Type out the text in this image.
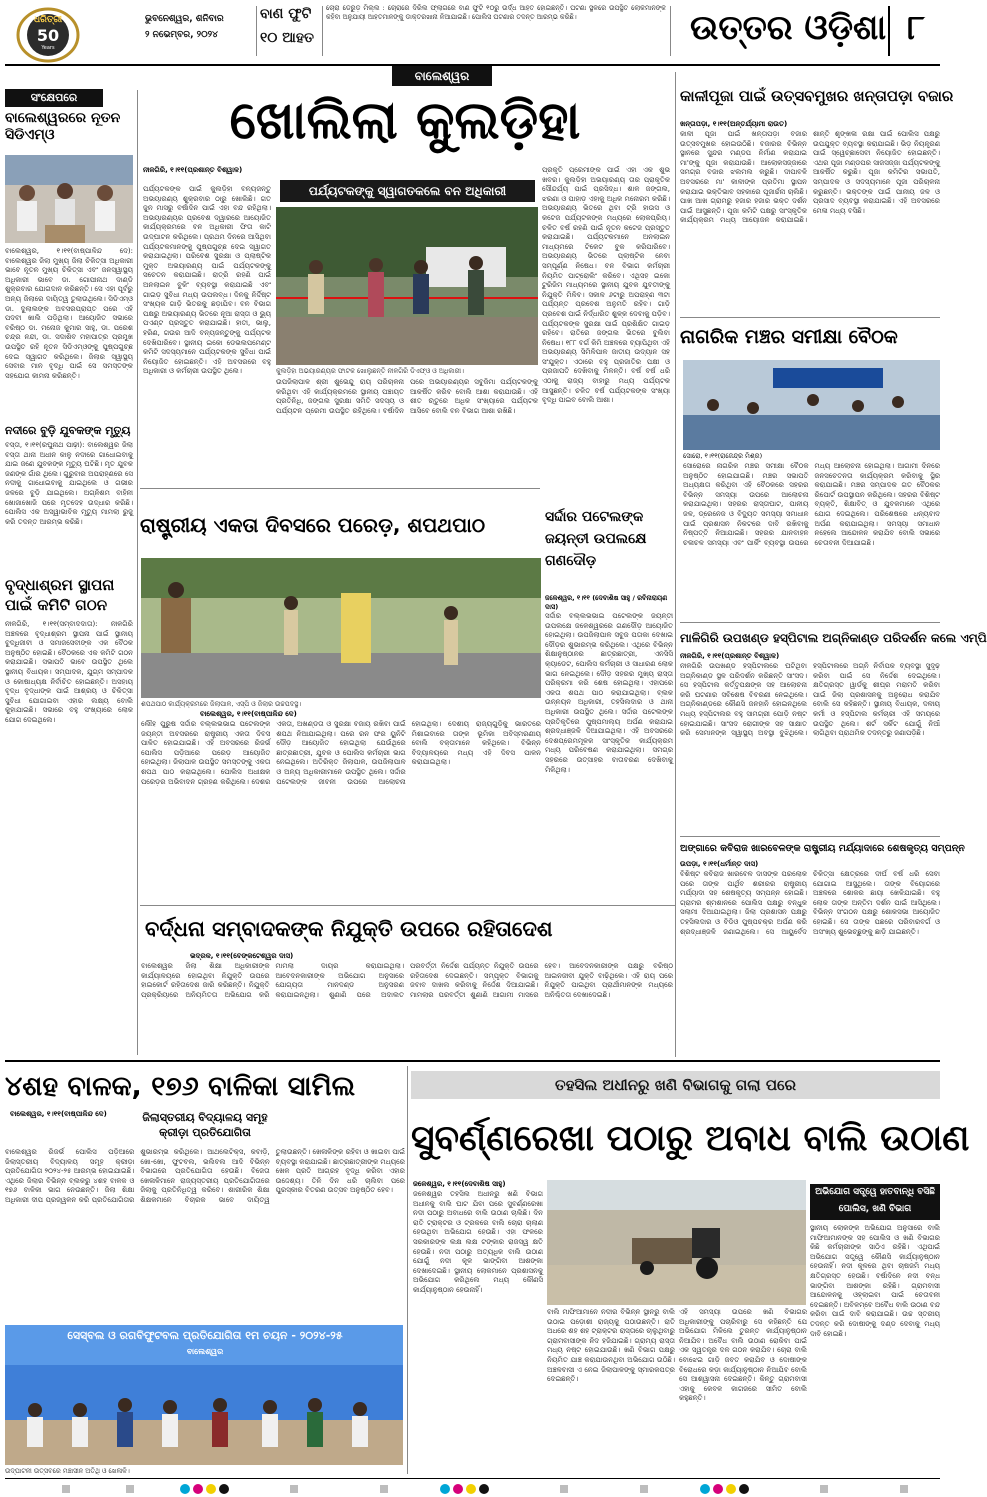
ଧରିତ୍ରୀ
50
Years
ଭୁବନେଶ୍ୱର, ଶନିବାର
୨ ନଭେମ୍ବର, ୨୦୨୪
ବାଣ ଫୁଟି
୧୦ ଆହତ
ଚୋରା ଡେରୁଡ଼ ମିଲ୍ଲ : ଚୋରାରେ ଦିରିଲ ଫ୍ଲାଗରେ ବାଣ ଫୁଟି ୧୦ରୁ ଉର୍ଦ୍ଧ ଆହତ ହୋଇଛନ୍ତି। ଘଟଣା ସ୍ଥଳରେ ଉପସ୍ଥିତ ଲୋକମାନଙ୍କ କହିବା ଅନୁଯାୟୀ ଆହତମାନଙ୍କୁ ଡାକ୍ତରଖାନା ନିଆଯାଇଛି। ପୋଲିସ ଘଟଣାର ତଦନ୍ତ ଆରମ୍ଭ କରିଛି।	ଉତ୍ତର ଓଡ଼ିଶା ୮
ସଂକ୍ଷେପରେ
ବାଲେଶ୍ୱରରେ ନୂତନ ସିଡିଏମ୍‌ଓ
ବାଲେଶ୍ୱର, ୧।୧୧(ବାଷ୍ପାଳିନ୍ଦ ଦେ): ବାଲେଶ୍ୱର ଜିଲା ମୁଖ୍ୟ ଜିଲା ଚିକିତ୍ସା ଅଧିକାରୀ ଭାବେ ନୂତନ ମୁଖ୍ୟ ଚିକିତ୍ସା ଏବଂ ଜନସ୍ୱାସ୍ଥ୍ୟ ଅଧିକାରୀ ଭାବେ ଡା. ଗୋପୀନାଥ ଦାଣ୍ଡି ଶୁକ୍ରବାର ଯୋଗଦାନ କରିଛନ୍ତି। ସେ ଏହା ପୂର୍ବରୁ ଅନ୍ୟ ଜିଲାରେ ଦାୟିତ୍ୱ ତୁଲାଉଥିଲେ। ସିଡିଏମ୍‌ଓ ଡା. ଦୁଲାଲଙ୍କ ଅବସରପ୍ରାପ୍ତ ପରେ ଏହି ପଦବୀ ଖାଲି ପଡ଼ିଥିଲା। ଆୟୋଜିତ ସଭାରେ ବରିଷ୍ଠ ଡା. ମନୋଜ କୁମାର ସାହୁ, ଡା. ପରେଶ ଚନ୍ଦ୍ର ନନ୍ଦୀ, ଡା. ସଦାଶିବ ମହାପାତ୍ର ପ୍ରମୁଖ ଉପସ୍ଥିତ ରହି ନୂତନ ସିଡିଏମ୍‌ଓଙ୍କୁ ପୁଷ୍ପଗୁଚ୍ଛ ଦେଇ ସ୍ୱାଗତ କରିଥିଲେ। ଜିଲାର ସ୍ୱାସ୍ଥ୍ୟ ସେବାର ମାନ ବୃଦ୍ଧି ପାଇଁ ସେ ସମସ୍ତଙ୍କ ସହଯୋଗ କାମନା କରିଛନ୍ତି।
ନଦୀରେ ବୁଡ଼ି ଯୁବକଙ୍କ ମୃତ୍ୟୁ
ବସ୍ତା, ୧।୧୧(ରଘୁନାଥ ପାଢ଼ୀ): ବାଲେଶ୍ୱର ଜିଲା ବସ୍ତା ଥାନା ଅଧୀନ କାଳୁ ନଦୀରେ ଗାଧୋଇବାକୁ ଯାଇ ଜଣେ ଯୁବକଙ୍କ ମୃତ୍ୟୁ ଘଟିଛି। ମୃତ ଯୁବକ ଜଣଙ୍କ ଗାଁର ଥିଲେ। ଗୁରୁବାର ଅପରାହ୍ଣରେ ସେ ନଦୀକୁ ଗାଧୋଇବାକୁ ଯାଇଥିଲେ ଓ ଗଭୀର ଜଳରେ ବୁଡ଼ି ଯାଇଥିଲେ। ଅଗ୍ନିଶମ ବାହିନୀ ଖୋଜାଖୋଜି ପରେ ମୃତଦେହ ଉଦ୍ଧାର କରିଛି। ପୋଲିସ ଏକ ଅସ୍ୱାଭାବିକ ମୃତ୍ୟୁ ମାମଲା ରୁଜୁ କରି ତଦନ୍ତ ଆରମ୍ଭ କରିଛି।
ବୃଦ୍ଧାଶ୍ରମ ସ୍ଥାପନା ପାଇଁ କମିଟି ଗଠନ
ନୀଳଗିରି, ୧।୧୧(ସମ୍ବାଦଦାତା): ନୀଳଗିରି ଅଞ୍ଚଳରେ ବୃଦ୍ଧାଶ୍ରମ ସ୍ଥାପନା ପାଇଁ ସ୍ଥାନୀୟ ବୁଦ୍ଧିଜୀବୀ ଓ ସମାଜସେବୀଙ୍କ ଏକ ବୈଠକ ଅନୁଷ୍ଠିତ ହୋଇଛି। ବୈଠକରେ ଏକ କମିଟି ଗଠନ କରାଯାଇଛି। ସଭାପତି ଭାବେ ଉପସ୍ଥିତ ଥିଲେ ସ୍ଥାନୀୟ ବିଧାୟକ। ସମ୍ପାଦକ, ଯୁଗ୍ମ ସମ୍ପାଦକ ଓ କୋଷାଧ୍ୟକ୍ଷ ନିର୍ବାଚିତ ହୋଇଛନ୍ତି। ଅସହାୟ ବୃଦ୍ଧ ବୃଦ୍ଧାଙ୍କ ପାଇଁ ଆଶ୍ରୟ ଓ ଚିକିତ୍ସା ସୁବିଧା ଯୋଗାଇବା ଏହାର ଲକ୍ଷ୍ୟ ବୋଲି କୁହାଯାଇଛି। ସଭାରେ ବହୁ ସଂଖ୍ୟାରେ ଲୋକ ଯୋଗ ଦେଇଥିଲେ।
ବାଲେଶ୍ୱର
ଖୋଲିଲା କୁଲଡ଼ିହା
ନୀଳଗିରି, ୧।୧୧(ପ୍ରଶାନ୍ତ ବିଶ୍ୱାଳ)
ପର୍ଯ୍ୟଟକଙ୍କୁ ସ୍ୱାଗତକଲେ ବନ ଅଧିକାରୀ
ପର୍ଯ୍ୟଟକଙ୍କ ପାଇଁ କୁଲଡ଼ିହା ବନ୍ୟଜନ୍ତୁ ଅଭୟାରଣ୍ୟ ଶୁକ୍ରବାର ଠାରୁ ଖୋଲିଛି। ଗତ ଜୁନ ମାସରୁ ବର୍ଷାଦିନ ପାଇଁ ଏହା ବନ୍ଦ ରହିଥିଲା। ଅଭୟାରଣ୍ୟର ପ୍ରବେଶ ଦ୍ୱାରରେ ଆୟୋଜିତ କାର୍ଯ୍ୟକ୍ରମରେ ବନ ଅଧିକାରୀ ଫିତା କାଟି ଉଦ୍‌ଘାଟନ କରିଥିଲେ। ପ୍ରଥମ ଦିନରେ ଆସିଥିବା ପର୍ଯ୍ୟଟକମାନଙ୍କୁ ପୁଷ୍ପଗୁଚ୍ଛ ଦେଇ ସ୍ୱାଗତ କରାଯାଇଥିଲା। ପରିବେଶ ସୁରକ୍ଷା ଓ ପ୍ଲାଷ୍ଟିକ ମୁକ୍ତ ଅଭୟାରଣ୍ୟ ପାଇଁ ପର୍ଯ୍ୟଟକଙ୍କୁ ସଚେତନ କରାଯାଇଛି। ରାତ୍ରି ରହଣି ପାଇଁ ଅନଲାଇନ ବୁକିଂ ବ୍ୟବସ୍ଥା କରାଯାଇଛି ଏବଂ ଗାଇଡ଼ ସୁବିଧା ମଧ୍ୟ ଉପଲବ୍ଧ। ଦିନକୁ ନିର୍ଦ୍ଦିଷ୍ଟ ସଂଖ୍ୟକ ଗାଡ଼ି ଭିତରକୁ ଛଡ଼ାଯିବ। ବନ ବିଭାଗ ପକ୍ଷରୁ ଅଭୟାରଣ୍ୟ ଭିତରେ ନୂଆ ରାସ୍ତା ଓ ଭ୍ୟୁ ପଏଣ୍ଟ ପ୍ରସ୍ତୁତ କରାଯାଇଛି। ହାତୀ, ଭାଲୁ, ହରିଣ, ଗଉର ଆଦି ବନ୍ୟଜନ୍ତୁଙ୍କୁ ପର୍ଯ୍ୟଟକ ଦେଖିପାରିବେ। ସ୍ଥାନୀୟ ଇକୋ ଡେଭଲପମେଣ୍ଟ କମିଟି ସଦସ୍ୟମାନେ ପର୍ଯ୍ୟଟକଙ୍କ ସୁବିଧା ପାଇଁ ନିୟୋଜିତ ହୋଇଛନ୍ତି। ଏହି ଅବସରରେ ବହୁ ଅଧିକାରୀ ଓ କର୍ମଚାରୀ ଉପସ୍ଥିତ ଥିଲେ।	କୁଲଡ଼ିହା ଅଭୟାରଣ୍ୟର ଫାଟକ ଖୋଲୁଛନ୍ତି ନୀଳଗିରି ଡିଏଫ୍‌ଓ ଓ ଅଧିକାରୀ।
ଉପଜିଲାପାଳ ଶ୍ରୀ ଶୁଭେନ୍ଦୁ ରାୟ ପରିଚାଳନା କରିଥିବା ଏହି କାର୍ଯ୍ୟକ୍ରମରେ ସ୍ଥାନୀୟ ପଞ୍ଚାୟତ ପ୍ରତିନିଧି, ଜଙ୍ଗଲ ସୁରକ୍ଷା ସମିତି ସଦସ୍ୟ ଓ ପର୍ଯ୍ୟଟନ ପ୍ରେମୀ ଉପସ୍ଥିତ ରହିଥିଲେ। ବର୍ଷାଦିନ ପରେ ଅଭୟାରଣ୍ୟର ସବୁଜିମା ପର୍ଯ୍ୟଟକଙ୍କୁ ଆକର୍ଷିତ କରିବ ବୋଲି ଆଶା କରାଯାଉଛି। ଏହି ଶୀତ ଋତୁରେ ଅଧିକ ସଂଖ୍ୟାରେ ପର୍ଯ୍ୟଟକ ଆସିବେ ବୋଲି ବନ ବିଭାଗ ଆଶା ରଖିଛି।
ପ୍ରକୃତି ପ୍ରେମୀଙ୍କ ପାଇଁ ଏହା ଏକ ଶୁଭ ଖବର। କୁଲଡ଼ିହା ଅଭୟାରଣ୍ୟ ତାର ପ୍ରାକୃତିକ ସୌନ୍ଦର୍ଯ୍ୟ ପାଇଁ ପ୍ରସିଦ୍ଧ। ଶାଳ ଜଙ୍ଗଲ, ଝରଣା ଓ ପାହାଡ଼ ଏହାକୁ ଅଧିକ ମନୋରମ କରିଛି। ଅଭୟାରଣ୍ୟ ଭିତରେ ଥିବା ଟ୍ରି ହାଉସ ଓ କଟେଜ ପର୍ଯ୍ୟଟକଙ୍କ ମଧ୍ୟରେ ଲୋକପ୍ରିୟ। ଚଳିତ ବର୍ଷ ରହଣି ପାଇଁ ନୂତନ କଟେଜ ପ୍ରସ୍ତୁତ କରାଯାଇଛି। ପର୍ଯ୍ୟଟକମାନେ ଅନଲାଇନ ମାଧ୍ୟମରେ ଟିକେଟ ବୁକ କରିପାରିବେ। ଅଭୟାରଣ୍ୟ ଭିତରେ ପ୍ଲାଷ୍ଟିକ ନେବା ସମ୍ପୂର୍ଣ୍ଣ ନିଷେଧ। ବନ ବିଭାଗ କର୍ମଚାରୀ ନିୟମିତ ପାଟ୍ରୋଲିଂ କରିବେ। ଏଥିସହ ଇକୋ ଟୁରିଜିମ ମାଧ୍ୟମରେ ସ୍ଥାନୀୟ ଯୁବକ ଯୁବତୀଙ୍କୁ ନିଯୁକ୍ତି ମିଳିବ। ସକାଳ ୬ଟାରୁ ଅପରାହ୍ଣ ୩ଟା ପର୍ଯ୍ୟନ୍ତ ପ୍ରବେଶ ଅନୁମତି ରହିବ। ଗାଡ଼ି ପ୍ରବେଶ ପାଇଁ ନିର୍ଦ୍ଧାରିତ ଶୁଳ୍କ ଦେବାକୁ ପଡ଼ିବ। ପର୍ଯ୍ୟଟକଙ୍କ ସୁରକ୍ଷା ପାଇଁ ପ୍ରଶିକ୍ଷିତ ଗାଇଡ଼ ରହିବେ। ରାତିରେ ଜଙ୍ଗଲ ଭିତରେ ବୁଲିବା ନିଷେଧ। ୧୮୮ ବର୍ଗ କିମି ଅଞ୍ଚଳରେ ବ୍ୟାପିଥିବା ଏହି ଅଭୟାରଣ୍ୟ ସିମିଳିପାଳ ଜାତୀୟ ଉଦ୍ୟାନ ସହ ସଂଯୁକ୍ତ। ଏଠାରେ ବହୁ ପ୍ରଜାତିର ପକ୍ଷୀ ଓ ପ୍ରଜାପତି ଦେଖିବାକୁ ମିଳନ୍ତି। ବର୍ଷ ବର୍ଷ ଧରି ଏଠାକୁ ରାଜ୍ୟ ବାହାରୁ ମଧ୍ୟ ପର୍ଯ୍ୟଟକ ଆସୁଛନ୍ତି। ଚଳିତ ବର୍ଷ ପର୍ଯ୍ୟଟକଙ୍କ ସଂଖ୍ୟା ବୃଦ୍ଧି ପାଇବ ବୋଲି ଆଶା।
କାଳୀପୂଜା ପାଇଁ ଉତ୍ସବମୁଖର ଖନ୍ତାପଡ଼ା ବଜାର
ଖନ୍ତାପଡ଼ା, ୧।୧୧(ଅନ୍ତର୍ଯ୍ୟାମୀ ରାଉତ)
କାଳୀ ପୂଜା ପାଇଁ ଖନ୍ତାପଡ଼ା ବଜାର ଉତ୍ସବମୁଖର ହୋଇଉଠିଛି। ବଜାରର ବିଭିନ୍ନ ସ୍ଥାନରେ ସୁନ୍ଦର ମଣ୍ଡପ ନିର୍ମାଣ କରାଯାଇ ମା'ଙ୍କୁ ପୂଜା କରାଯାଉଛି। ଆଲୋକସଜ୍ଜାରେ ସମଗ୍ର ବଜାର ଝଲମଲ କରୁଛି। ଦୀପାବଳି ଅବସରରେ ମା' କାଳୀଙ୍କ ପ୍ରତିମା ସ୍ଥାପନ କରାଯାଇ ଭକ୍ତିଭାବ ସହକାରେ ପୂଜାର୍ଚ୍ଚନା ଚାଲିଛି। ପାଖ ଆଖ ଗ୍ରାମରୁ ହଜାର ହଜାର ଭକ୍ତ ଦର୍ଶନ ପାଇଁ ଆସୁଛନ୍ତି। ପୂଜା କମିଟି ପକ୍ଷରୁ ସାଂସ୍କୃତିକ କାର୍ଯ୍ୟକ୍ରମ ମଧ୍ୟ ଆୟୋଜନ କରାଯାଇଛି। ଶାନ୍ତି ଶୃଙ୍ଖଳା ରକ୍ଷା ପାଇଁ ପୋଲିସ ପକ୍ଷରୁ ଉପଯୁକ୍ତ ବ୍ୟବସ୍ଥା କରାଯାଇଛି। ଭିଡ଼ ନିୟନ୍ତ୍ରଣ ପାଇଁ ସ୍ୱେଚ୍ଛାସେବୀ ନିୟୋଜିତ ହୋଇଛନ୍ତି। ଏଥର ପୂଜା ମଣ୍ଡପର ସାଜସଜ୍ଜା ପର୍ଯ୍ୟଟକଙ୍କୁ ଆକର୍ଷିତ କରୁଛି। ପୂଜା କମିଟିର ସଭାପତି, ସମ୍ପାଦକ ଓ ସଦସ୍ୟମାନେ ପୂଜା ପରିଚାଳନା କରୁଛନ୍ତି। ଭକ୍ତଙ୍କ ପାଇଁ ପାନୀୟ ଜଳ ଓ ପ୍ରସାଦ ବ୍ୟବସ୍ଥା କରାଯାଇଛି। ଏହି ଅବସରରେ ମେଳା ମଧ୍ୟ ବସିଛି।
ନାଗରିକ ମଞ୍ଚର ସମୀକ୍ଷା ବୈଠକ
ସୋରୋ, ୧।୧୧(ରାଜେନ୍ଦ୍ର ମିଶ୍ର)
ସୋରୋରେ ନାଗରିକ ମଞ୍ଚର ସମୀକ୍ଷା ବୈଠକ ଅନୁଷ୍ଠିତ ହୋଇଯାଇଛି। ମଞ୍ଚର ସଭାପତି ଅଧ୍ୟକ୍ଷତା କରିଥିବା ଏହି ବୈଠକରେ ସହରର ବିଭିନ୍ନ ସମସ୍ୟା ଉପରେ ଆଲୋଚନା କରାଯାଇଥିଲା। ସହରର ରାସ୍ତାଘାଟ, ପାନୀୟ ଜଳ, ଡ୍ରେନେଜ ଓ ବିଦ୍ୟୁତ ସମସ୍ୟା ସମାଧାନ ପାଇଁ ପ୍ରଶାସନ ନିକଟରେ ଦାବି ରଖିବାକୁ ନିଷ୍ପତ୍ତି ନିଆଯାଇଛି। ସହରର ଯାନବାହନ ଚଳାଚଳ ସମସ୍ୟା ଏବଂ ପାର୍କିଂ ବ୍ୟବସ୍ଥା ଉପରେ ମଧ୍ୟ ଆଲୋଚନା ହୋଇଥିଲା। ଆଗାମୀ ଦିନରେ ଜନସଚେତନତା କାର୍ଯ୍ୟକ୍ରମ କରିବାକୁ ସ୍ଥିର କରାଯାଇଛି। ମଞ୍ଚର ସମ୍ପାଦକ ଗତ ବୈଠକର ରିପୋର୍ଟ ଉପସ୍ଥାପନ କରିଥିଲେ। ସହରର ବିଶିଷ୍ଟ ବ୍ୟକ୍ତି, ଶିକ୍ଷାବିତ୍ ଓ ଯୁବକମାନେ ଏଥିରେ ଯୋଗ ଦେଇଥିଲେ। ପରିଶେଷରେ ଧନ୍ୟବାଦ ଅର୍ପଣ କରାଯାଇଥିଲା। ସମସ୍ୟା ସମାଧାନ ନହେଲେ ଆନ୍ଦୋଳନ କରାଯିବ ବୋଲି ସଭାରେ ଚେତାବନୀ ଦିଆଯାଇଛି।
ମାଳିଗିରି ଉପଖଣ୍ଡ ହସ୍ପିଟାଲ ଅଗ୍ନିକାଣ୍ଡ ପରିଦର୍ଶନ କଲେ ଏମ୍‌ପି
ନୀଳଗିରି, ୧।୧୧(ପ୍ରଶାନ୍ତ ବିଶ୍ୱାଳ)
ନୀଳଗିରି ଉପଖଣ୍ଡ ହସ୍ପିଟାଲରେ ଘଟିଥିବା ଅଗ୍ନିକାଣ୍ଡ ସ୍ଥଳ ପରିଦର୍ଶନ କରିଛନ୍ତି ସାଂସଦ। ସେ ହସ୍ପିଟାଲ କର୍ତ୍ତୃପକ୍ଷଙ୍କ ସହ ଆଲୋଚନା କରି ଘଟଣାର ସବିଶେଷ ବିବରଣୀ ନେଇଥିଲେ। ଅଗ୍ନିକାଣ୍ଡରେ କୌଣସି ଜନହାନି ହୋଇନଥିଲେ ମଧ୍ୟ ହସ୍ପିଟାଲର ବହୁ ସାମଗ୍ରୀ ପୋଡ଼ି ନଷ୍ଟ ହୋଇଯାଇଛି। ସାଂସଦ ରୋଗୀଙ୍କ ସହ ସାକ୍ଷାତ କରି ସେମାନଙ୍କ ସ୍ୱାସ୍ଥ୍ୟ ଅବସ୍ଥା ବୁଝିଥିଲେ। ହସ୍ପିଟାଲରେ ଅଗ୍ନି ନିର୍ବାପକ ବ୍ୟବସ୍ଥା ସୁଦୃଢ଼ କରିବା ପାଇଁ ସେ ନିର୍ଦ୍ଦେଶ ଦେଇଥିଲେ। କ୍ଷତିଗ୍ରସ୍ତ ୱାର୍ଡକୁ ଶୀଘ୍ର ମରାମତି କରିବା ପାଇଁ ଜିଲା ପ୍ରଶାସନକୁ ଅନୁରୋଧ କରାଯିବ ବୋଲି ସେ କହିଛନ୍ତି। ସ୍ଥାନୀୟ ବିଧାୟକ, ଦଳୀୟ କର୍ମୀ ଓ ହସ୍ପିଟାଲ କର୍ମଚାରୀ ଏହି ସମୟରେ ଉପସ୍ଥିତ ଥିଲେ। ଶର୍ଟ ସର୍କିଟ ଯୋଗୁଁ ନିଆଁ ଲାଗିଥିବା ପ୍ରାଥମିକ ତଦନ୍ତରୁ ଜଣାପଡ଼ିଛି।
ଅଙ୍ଗାରେ କବିରାଜ ଖାରବେଳଙ୍କ ରାଷ୍ଟ୍ରୀୟ ମର୍ଯ୍ୟାଦାରେ ଶେଷକୃତ୍ୟ ସମ୍ପନ୍ନ
ଉପଡ଼ା, ୧।୧୧(ଧର୍ମାନ୍ତ ଦାସ)
ବିଶିଷ୍ଟ କବିରାଜ ଖାରବେଳ ଦାସଙ୍କ ପରଲୋକ ପରେ ତାଙ୍କ ପାର୍ଥିବ ଶରୀରର ରାଷ୍ଟ୍ରୀୟ ମର୍ଯ୍ୟାଦା ସହ ଶେଷକୃତ୍ୟ ସମ୍ପନ୍ନ ହୋଇଛି। ଗ୍ରାମର ଶ୍ମଶାନରେ ପୋଲିସ ପକ୍ଷରୁ ବନ୍ଧୁକ ସଲାମୀ ଦିଆଯାଇଥିଲା। ଜିଲା ପ୍ରଶାସନ ପକ୍ଷରୁ ତହସିଲଦାର ଓ ବିଡିଓ ପୁଷ୍ପଚକ୍ର ଅର୍ପଣ କରି ଶ୍ରଦ୍ଧାଞ୍ଜଳି ଜଣାଇଥିଲେ। ସେ ଆୟୁର୍ବେଦ ଚିକିତ୍ସା କ୍ଷେତ୍ରରେ ଦୀର୍ଘ ବର୍ଷ ଧରି ସେବା ଯୋଗାଇ ଆସୁଥିଲେ। ତାଙ୍କ ବିୟୋଗରେ ଅଞ୍ଚଳରେ ଶୋକର ଛାୟା ଖେଳିଯାଇଛି। ବହୁ ଲୋକ ତାଙ୍କ ଅନ୍ତିମ ଦର୍ଶନ ପାଇଁ ଆସିଥିଲେ। ବିଭିନ୍ନ ସଂଗଠନ ପକ୍ଷରୁ ଶୋକସଭା ଆୟୋଜିତ ହୋଇଛି। ସେ ତାଙ୍କ ପଛରେ ପରିବାରବର୍ଗ ଓ ଅସଂଖ୍ୟ ଶୁଭେଚ୍ଛୁଙ୍କୁ ଛାଡ଼ି ଯାଇଛନ୍ତି।
ରାଷ୍ଟ୍ରୀୟ ଏକତା ଦିବସରେ ପରେଡ଼, ଶପଥପାଠ
ଶପଥପାଠ କାର୍ଯ୍ୟକ୍ରମରେ ଜିଲାପାଳ, ଏସ୍‌ପି ଓ ଜିଲାର ଉଚ୍ଚପଦସ୍ଥ।
ବାଲେଶ୍ୱର, ୧।୧୧(ବାଷ୍ପାଳିନ୍ଦ ଦେ)
ଲୌହ ପୁରୁଷ ସର୍ଦ୍ଦାର ବଲ୍ଲଭଭାଇ ପଟେଲଙ୍କ ଜୟନ୍ତୀ ଅବସରରେ ରାଷ୍ଟ୍ରୀୟ ଏକତା ଦିବସ ପାଳିତ ହୋଇଯାଇଛି। ଏହି ଅବସରରେ ରିଜର୍ଭ ପୋଲିସ ପଡ଼ିଆରେ ପରେଡ଼ ଆୟୋଜିତ ହୋଇଥିଲା। ଜିଲାପାଳ ଉପସ୍ଥିତ ସମସ୍ତଙ୍କୁ ଏକତା ଶପଥ ପାଠ କରାଇଥିଲେ। ପୋଲିସ ଅଧୀକ୍ଷକ ପରେଡ଼ର ଅଭିବାଦନ ଗ୍ରହଣ କରିଥିଲେ। ଦେଶର ଏକତା, ଅଖଣ୍ଡତା ଓ ସୁରକ୍ଷା ବଜାୟ ରଖିବା ପାଇଁ ଶପଥ ନିଆଯାଇଥିଲା। ପରେ ରନ ଫର ୟୁନିଟି ଦୌଡ଼ ଆୟୋଜିତ ହୋଇଥିଲା ଯେଉଁଥିରେ ଛାତ୍ରଛାତ୍ରୀ, ଯୁବକ ଓ ପୋଲିସ କର୍ମଚାରୀ ଭାଗ ନେଇଥିଲେ। ଅତିରିକ୍ତ ଜିଲାପାଳ, ଉପଜିଲାପାଳ ଓ ଅନ୍ୟ ଅଧିକାରୀମାନେ ଉପସ୍ଥିତ ଥିଲେ। ସର୍ଦ୍ଦାର ପଟେଲଙ୍କ ଜୀବନୀ ଉପରେ ଆଲୋଚନା ହୋଇଥିଲା। ଦେଶୀୟ ରାଜ୍ୟଗୁଡ଼ିକୁ ଭାରତରେ ମିଶାଇବାରେ ତାଙ୍କ ଭୂମିକା ଅବିସ୍ମରଣୀୟ ବୋଲି ବକ୍ତାମାନେ କହିଥିଲେ। ବିଭିନ୍ନ ବିଦ୍ୟାଳୟରେ ମଧ୍ୟ ଏହି ଦିବସ ପାଳନ କରାଯାଇଥିଲା।
ସର୍ଦ୍ଦାର ପଟେଲଙ୍କ ଜୟନ୍ତୀ ଉପଲକ୍ଷେ ଗଣଦୌଡ଼
ଜଳେଶ୍ୱର, ୧।୧୧ (ଦେବାଶିଷ ସାହୁ / ରବିନାରାୟଣ ଦାସ)
ସର୍ଦ୍ଦାର ବଲ୍ଲଭଭାଇ ପଟେଲଙ୍କ ଜୟନ୍ତୀ ଉପଲକ୍ଷେ ଜଳେଶ୍ୱରରେ ଗଣଦୌଡ଼ ଆୟୋଜିତ ହୋଇଥିଲା। ଉପଜିଲାପାଳ ସବୁଜ ପତାକା ଦେଖାଇ ଦୌଡ଼ର ଶୁଭାରମ୍ଭ କରିଥିଲେ। ଏଥିରେ ବିଭିନ୍ନ ଶିକ୍ଷାନୁଷ୍ଠାନର ଛାତ୍ରଛାତ୍ରୀ, ଏନସିସି କ୍ୟାଡେଟ, ପୋଲିସ କର୍ମଚାରୀ ଓ ସାଧାରଣ ଲୋକ ଭାଗ ନେଇଥିଲେ। ଦୌଡ଼ ସହରର ମୁଖ୍ୟ ରାସ୍ତା ପରିକ୍ରମା କରି ଶେଷ ହୋଇଥିଲା। ଏହାପରେ ଏକତା ଶପଥ ପାଠ କରାଯାଇଥିଲା। ବ୍ଲକ ଉନ୍ନୟନ ଅଧିକାରୀ, ତହସିଲଦାର ଓ ଥାନା ଅଧିକାରୀ ଉପସ୍ଥିତ ଥିଲେ। ସର୍ଦ୍ଦାର ପଟେଲଙ୍କ ପ୍ରତିକୃତିରେ ପୁଷ୍ପମାଲ୍ୟ ଅର୍ପଣ କରାଯାଇ ଶ୍ରଦ୍ଧାଞ୍ଜଳି ଦିଆଯାଇଥିଲା। ଏହି ଅବସରରେ ଦେଶପ୍ରେମମୂଳକ ସାଂସ୍କୃତିକ କାର୍ଯ୍ୟକ୍ରମ ମଧ୍ୟ ପରିବେଷଣ କରାଯାଇଥିଲା। ସମଗ୍ର ସହରରେ ଉତ୍ସାହର ବାତାବରଣ ଦେଖିବାକୁ ମିଳିଥିଲା।
ବର୍ଦ୍ଧନା ସମ୍ବାଦକଙ୍କ ନିଯୁକ୍ତି ଉପରେ ରହିତାଦେଶ
ଭଦ୍ରକ, ୧।୧୧(ବେଙ୍କଟେଶ୍ୱର ଦାସ)
ବାଲେଶ୍ୱର ଜିଲା ଶିକ୍ଷା ଅଧିକାରୀଙ୍କ କାର୍ଯ୍ୟାଳୟରେ ହୋଇଥିବା ନିଯୁକ୍ତି ଉପରେ ହାଇକୋର୍ଟ ରହିତାଦେଶ ଜାରି କରିଛନ୍ତି। ନିଯୁକ୍ତି ପ୍ରକ୍ରିୟାରେ ଅନିୟମିତତା ଅଭିଯୋଗ କରି ମାମଲା ଦାୟର କରାଯାଇଥିଲା। ଆବେଦନକାରୀଙ୍କ ଅଭିଯୋଗ ଅନୁସାରେ ଯୋଗ୍ୟତା ମାନଦଣ୍ଡ ଅନୁସରଣ କରାଯାଇନଥିଲା। ଶୁଣାଣି ପରେ ଅଦାଲତ ପରବର୍ତ୍ତୀ ନିର୍ଦ୍ଦେଶ ପର୍ଯ୍ୟନ୍ତ ନିଯୁକ୍ତି ଉପରେ ରହିତାଦେଶ ଦେଇଛନ୍ତି। ସମ୍ପୃକ୍ତ ବିଭାଗକୁ ଜବାବ ଦାଖଲ କରିବାକୁ ନିର୍ଦ୍ଦେଶ ଦିଆଯାଇଛି। ମାମଲାର ପରବର୍ତ୍ତୀ ଶୁଣାଣି ଆଗାମୀ ମାସରେ ହେବ। ଆବେଦନକାରୀଙ୍କ ପକ୍ଷରୁ ବରିଷ୍ଠ ଆଇନଜୀବୀ ଯୁକ୍ତି ବାଢ଼ିଥିଲେ। ଏହି ରାୟ ପରେ ନିଯୁକ୍ତି ପାଇଥିବା ପ୍ରାର୍ଥୀମାନଙ୍କ ମଧ୍ୟରେ ଅନିଶ୍ଚିତତା ଦେଖାଦେଇଛି।
୪ଶହ ବାଳକ, ୧୭୬ ବାଳିକା ସାମିଲ
ବାଲେଶ୍ୱର, ୧।୧୧(ବାଷ୍ପାଳିନ୍ଦ ଦେ)	ଜିଲାସ୍ତରୀୟ ବିଦ୍ୟାଳୟ ସମୂହ କ୍ରୀଡ଼ା ପ୍ରତିଯୋଗିତା
ବାଲେଶ୍ୱର ରିଜର୍ଭ ପୋଲିସ ପଡ଼ିଆରେ ଜିଲାସ୍ତରୀୟ ବିଦ୍ୟାଳୟ ସମୂହ କ୍ରୀଡ଼ା ପ୍ରତିଯୋଗିତା ୨୦୨୪-୨୫ ଆରମ୍ଭ ହୋଇଯାଇଛି। ଏଥିରେ ଜିଲାର ବିଭିନ୍ନ ବ୍ଲକରୁ ୪ଶହ ବାଳକ ଓ ୧୭୬ ବାଳିକା ଭାଗ ନେଉଛନ୍ତି। ଜିଲା ଶିକ୍ଷା ଅଧିକାରୀ ଦୀପ ପ୍ରଜ୍ୱଳନ କରି ପ୍ରତିଯୋଗିତାର ଶୁଭାରମ୍ଭ କରିଥିଲେ। ଆଥଲେଟିକ୍ସ, କବାଡ଼ି, ଖୋ-ଖୋ, ଫୁଟବଲ, ଭଲିବଲ ଆଦି ବିଭିନ୍ନ ବିଭାଗରେ ପ୍ରତିଯୋଗିତା ହେଉଛି। ବିଜେତା ଖେଳାଳିମାନେ ରାଜ୍ୟସ୍ତରୀୟ ପ୍ରତିଯୋଗିତାରେ ଜିଲାକୁ ପ୍ରତିନିଧିତ୍ୱ କରିବେ। ଶାରୀରିକ ଶିକ୍ଷା ଶିକ୍ଷକମାନେ ବିଚାରକ ଭାବେ ଦାୟିତ୍ୱ ତୁଲାଉଛନ୍ତି। ଖେଳାଳିଙ୍କ ରହିବା ଓ ଖାଇବା ପାଇଁ ବ୍ୟବସ୍ଥା କରାଯାଇଛି। ଛାତ୍ରଛାତ୍ରୀଙ୍କ ମଧ୍ୟରେ ଖେଳ ପ୍ରତି ଆଗ୍ରହ ବୃଦ୍ଧି କରିବା ଏହାର ଉଦ୍ଦେଶ୍ୟ। ତିନି ଦିନ ଧରି ଚାଲିବା ପରେ ପୁରସ୍କାର ବିତରଣ ଉତ୍ସବ ଅନୁଷ୍ଠିତ ହେବ।
ସେସ୍‌ବଲ ଓ ରଗବିଫୁଟବଲ ପ୍ରତିଯୋଗିତା ୧ମ ଚୟନ - ୨୦୨୪-୨୫
ବାଲେଶ୍ୱର
ଉଦ୍‌ଘାଟନୀ ଉତ୍ସବରେ ମଞ୍ଚାସୀନ ଅତିଥି ଓ ଖେଳାଳି।
ତହସିଲ ଅଧୀନରୁ ଖଣି ବିଭାଗକୁ ଗଲା ପରେ
ସୁବର୍ଣ୍ଣରେଖା ପଠାରୁ ଅବାଧ ବାଲି ଉଠାଣ
ଜଳେଶ୍ୱର, ୧।୧୧(ଦେବାଶିଷ ସାହୁ)
ଜଳେଶ୍ୱର ତହସିଲ ଅଧୀନରୁ ଖଣି ବିଭାଗ ଅଧୀନକୁ ବାଲି ଘାଟ ଯିବା ପରେ ସୁବର୍ଣ୍ଣରେଖା ନଦୀ ପଠାରୁ ଅବାଧରେ ବାଲି ଉଠାଣ ଚାଲିଛି। ଦିନ ରାତି ଟ୍ରାକ୍ଟର ଓ ଟ୍ରକରେ ବାଲି ଚୋରା ଚାଲାଣ ହେଉଥିବା ଅଭିଯୋଗ ହେଉଛି। ଏହା ଫଳରେ ସରକାରଙ୍କ ଲକ୍ଷ ଲକ୍ଷ ଟଙ୍କାର ରାଜସ୍ୱ କ୍ଷତି ହେଉଛି। ନଦୀ ପଠାରୁ ଅତ୍ୟଧିକ ବାଲି ଉଠାଣ ଯୋଗୁଁ ନଦୀ କୂଳ ଭାଙ୍ଗିବା ଆଶଙ୍କା ଦେଖାଦେଇଛି। ସ୍ଥାନୀୟ ଲୋକମାନେ ପ୍ରଶାସନକୁ ଅଭିଯୋଗ କରିଥିଲେ ମଧ୍ୟ କୌଣସି କାର୍ଯ୍ୟାନୁଷ୍ଠାନ ହେଉନାହିଁ।
ବାଲି ମାଫିଆମାନେ ନଦୀର ବିଭିନ୍ନ ସ୍ଥାନରୁ ବାଲି ଉଠାଇ ପଡ଼ୋଶୀ ରାଜ୍ୟକୁ ପଠାଉଛନ୍ତି। ରାତି ଅଧରେ ଶହ ଶହ ଟ୍ରାକ୍ଟର ରାସ୍ତାରେ ଚାଲୁଥିବାରୁ ଗ୍ରାମବାସୀଙ୍କ ନିଦ ହଜିଯାଇଛି। ଗ୍ରାମ୍ୟ ରାସ୍ତା ମଧ୍ୟ ନଷ୍ଟ ହୋଇଯାଉଛି। ଖଣି ବିଭାଗ ପକ୍ଷରୁ ନିୟମିତ ଯାଞ୍ଚ କରାଯାଉନଥିବା ଅଭିଯୋଗ ଉଠିଛି। ଅଞ୍ଚଳବାସୀ ଏ ନେଇ ଜିଲାପାଳଙ୍କୁ ସ୍ମାରକପତ୍ର ଦେଇଛନ୍ତି।
ଏହି ସମସ୍ୟା ଉପରେ ଖଣି ବିଭାଗର ଅଧିକାରୀଙ୍କୁ ପଚାରିବାରୁ ସେ କହିଛନ୍ତି ଯେ ଅଭିଯୋଗ ମିଳିଲେ ତୁରନ୍ତ କାର୍ଯ୍ୟାନୁଷ୍ଠାନ ନିଆଯିବ। ଅବୈଧ ବାଲି ଉଠାଣ ରୋକିବା ପାଇଁ ଏକ ସ୍ୱତନ୍ତ୍ର ଦଳ ଗଠନ କରାଯିବ। ଚୋରା ବାଲି ବୋଝେଇ ଗାଡ଼ି ଜବତ କରାଯିବ ଓ ଦୋଷୀଙ୍କ ବିରୋଧରେ କଡ଼ା କାର୍ଯ୍ୟାନୁଷ୍ଠାନ ନିଆଯିବ ବୋଲି ସେ ଆଶ୍ୱାସନା ଦେଇଛନ୍ତି। କିନ୍ତୁ ଗ୍ରାମବାସୀ ଏହାକୁ କେବଳ କାଗଜରେ ସୀମିତ ବୋଲି କହୁଛନ୍ତି।
ଅଭିଯୋଗ ସତ୍ତ୍ୱେ ହାତବାନ୍ଧି ବସିଛି ପୋଲିସ, ଖଣି ବିଭାଗ
ସ୍ଥାନୀୟ ଲୋକଙ୍କ ଅଭିଯୋଗ ଅନୁସାରେ ବାଲି ମାଫିଆମାନଙ୍କ ସହ ପୋଲିସ ଓ ଖଣି ବିଭାଗର କିଛି କର୍ମଚାରୀଙ୍କ ସାଠିଏ ରହିଛି। ଏଥିପାଇଁ ଅଭିଯୋଗ ସତ୍ତ୍ୱେ କୌଣସି କାର୍ଯ୍ୟାନୁଷ୍ଠାନ ହେଉନାହିଁ। ନଦୀ କୂଳରେ ଥିବା ଚାଷଜମି ମଧ୍ୟ କ୍ଷତିଗ୍ରସ୍ତ ହେଉଛି। ବର୍ଷାଦିନେ ନଦୀ ବନ୍ଧ ଭାଙ୍ଗିବା ଆଶଙ୍କା ରହିଛି। ଗ୍ରାମବାସୀ ଆନ୍ଦୋଳନକୁ ଓହ୍ଲାଇବା ପାଇଁ ଚେତାବନୀ ଦେଇଛନ୍ତି। ଅବିଳମ୍ବେ ଅବୈଧ ବାଲି ଉଠାଣ ବନ୍ଦ କରିବା ପାଇଁ ଦାବି କରାଯାଇଛି। ଉଚ୍ଚ ସ୍ତରୀୟ ତଦନ୍ତ କରି ଦୋଷୀଙ୍କୁ ଦଣ୍ଡ ଦେବାକୁ ମଧ୍ୟ ଦାବି ହୋଇଛି।
